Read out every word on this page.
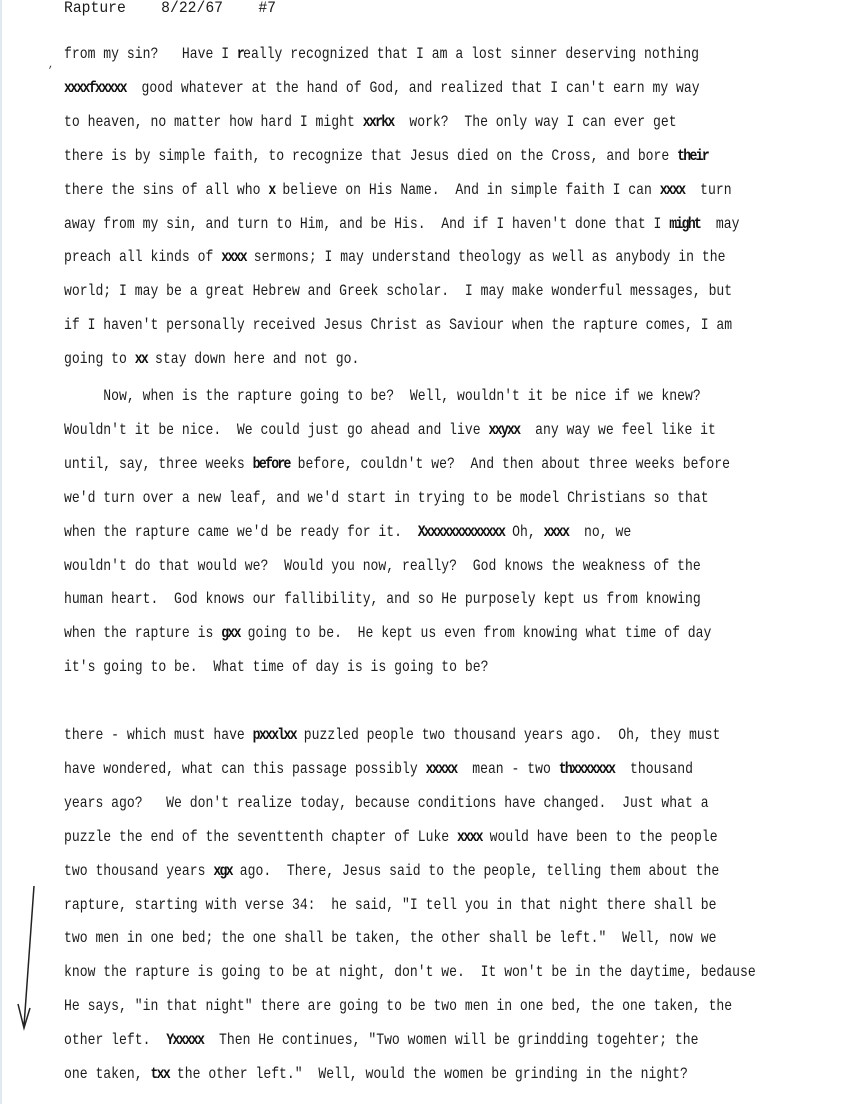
Rapture 8/22/67 #7
,
from my sin?   Have I really recognized that I am a lost sinner deserving nothing
xxxxfxxxxx  good whatever at the hand of God, and realized that I can't earn my way
to heaven, no matter how hard I might xxrkx  work?  The only way I can ever get
there is by simple faith, to recognize that Jesus died on the Cross, and bore their
there the sins of all who x believe on His Name.  And in simple faith I can xxxx  turn
away from my sin, and turn to Him, and be His.  And if I haven't done that I might  may
preach all kinds of xxxx sermons; I may understand theology as well as anybody in the
world; I may be a great Hebrew and Greek scholar.  I may make wonderful messages, but
if I haven't personally received Jesus Christ as Saviour when the rapture comes, I am
going to xx stay down here and not go.
Now, when is the rapture going to be?  Well, wouldn't it be nice if we knew?
Wouldn't it be nice.  We could just go ahead and live xxyxx  any way we feel like it
until, say, three weeks before before, couldn't we?  And then about three weeks before
we'd turn over a new leaf, and we'd start in trying to be model Christians so that
when the rapture came we'd be ready for it.  Xxxxxxxxxxxxxx Oh, xxxx  no, we
wouldn't do that would we?  Would you now, really?  God knows the weakness of the
human heart.  God knows our fallibility, and so He purposely kept us from knowing
when the rapture is gxx going to be.  He kept us even from knowing what time of day
it's going to be.  What time of day is is going to be?
there - which must have pxxxlxx puzzled people two thousand years ago.  Oh, they must
have wondered, what can this passage possibly xxxxx  mean - two thxxxxxxx  thousand
years ago?   We don't realize today, because conditions have changed.  Just what a
puzzle the end of the seventtenth chapter of Luke xxxx would have been to the people
two thousand years xgx ago.  There, Jesus said to the people, telling them about the
rapture, starting with verse 34:  he said, "I tell you in that night there shall be
two men in one bed; the one shall be taken, the other shall be left."  Well, now we
know the rapture is going to be at night, don't we.  It won't be in the daytime, bedause
He says, "in that night" there are going to be two men in one bed, the one taken, the
other left.  Yxxxxx  Then He continues, "Two women will be grindding togehter; the
one taken, txx the other left."  Well, would the women be grinding in the night?
